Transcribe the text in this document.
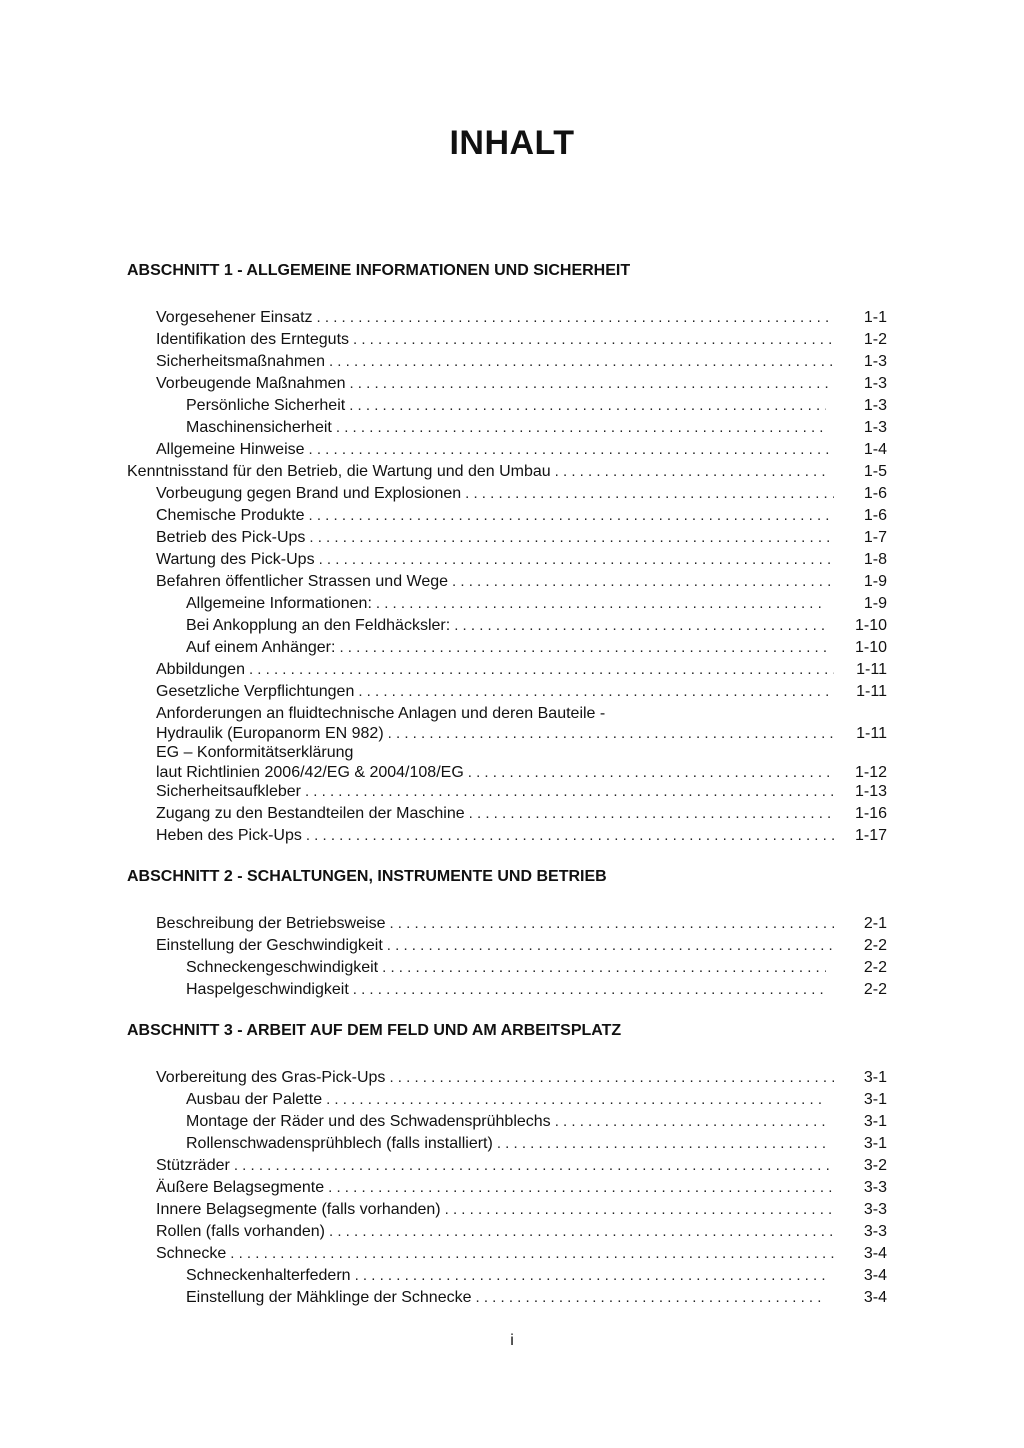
INHALT
ABSCHNITT 1 - ALLGEMEINE INFORMATIONEN UND SICHERHEIT
ABSCHNITT 2 - SCHALTUNGEN, INSTRUMENTE UND BETRIEB
ABSCHNITT 3 - ARBEIT AUF DEM FELD UND AM ARBEITSPLATZ
Vorgesehener Einsatz . . .	1-1
Identifikation des Ernteguts . . .	1-2
Sicherheitsmaßnahmen . . .	1-3
Vorbeugende Maßnahmen . . .	1-3
Persönliche Sicherheit . . .	1-3
Maschinensicherheit . . .	1-3
Allgemeine Hinweise . . .	1-4
Kenntnisstand für den Betrieb, die Wartung und den Umbau . . .	1-5
Vorbeugung gegen Brand und Explosionen . . .	1-6
Chemische Produkte . . .	1-6
Betrieb des Pick-Ups . . .	1-7
Wartung des Pick-Ups . . .	1-8
Befahren öffentlicher Strassen und Wege . . .	1-9
Allgemeine Informationen: . . .	1-9
Bei Ankopplung an den Feldhäcksler: . . .	1-10
Auf einem Anhänger: . . .	1-10
Abbildungen . . .	1-11
Gesetzliche Verpflichtungen . . .	1-11
Anforderungen an fluidtechnische Anlagen und deren Bauteile -
Hydraulik (Europanorm EN 982) . . .	1-11
EG – Konformitätserklärung
laut Richtlinien 2006/42/EG & 2004/108/EG . . .	1-12
Sicherheitsaufkleber . . .	1-13
Zugang zu den Bestandteilen der Maschine . . .	1-16
Heben des Pick-Ups . . .	1-17
Beschreibung der Betriebsweise . . .	2-1
Einstellung der Geschwindigkeit . . .	2-2
Schneckengeschwindigkeit . . .	2-2
Haspelgeschwindigkeit . . .	2-2
Vorbereitung des Gras-Pick-Ups . . .	3-1
Ausbau der Palette . . .	3-1
Montage der Räder und des Schwadensprühblechs . . .	3-1
Rollenschwadensprühblech (falls installiert) . . .	3-1
Stützräder . . .	3-2
Äußere Belagsegmente . . .	3-3
Innere Belagsegmente (falls vorhanden) . . .	3-3
Rollen (falls vorhanden) . . .	3-3
Schnecke . . .	3-4
Schneckenhalterfedern . . .	3-4
Einstellung der Mähklinge der Schnecke . . .	3-4
i
